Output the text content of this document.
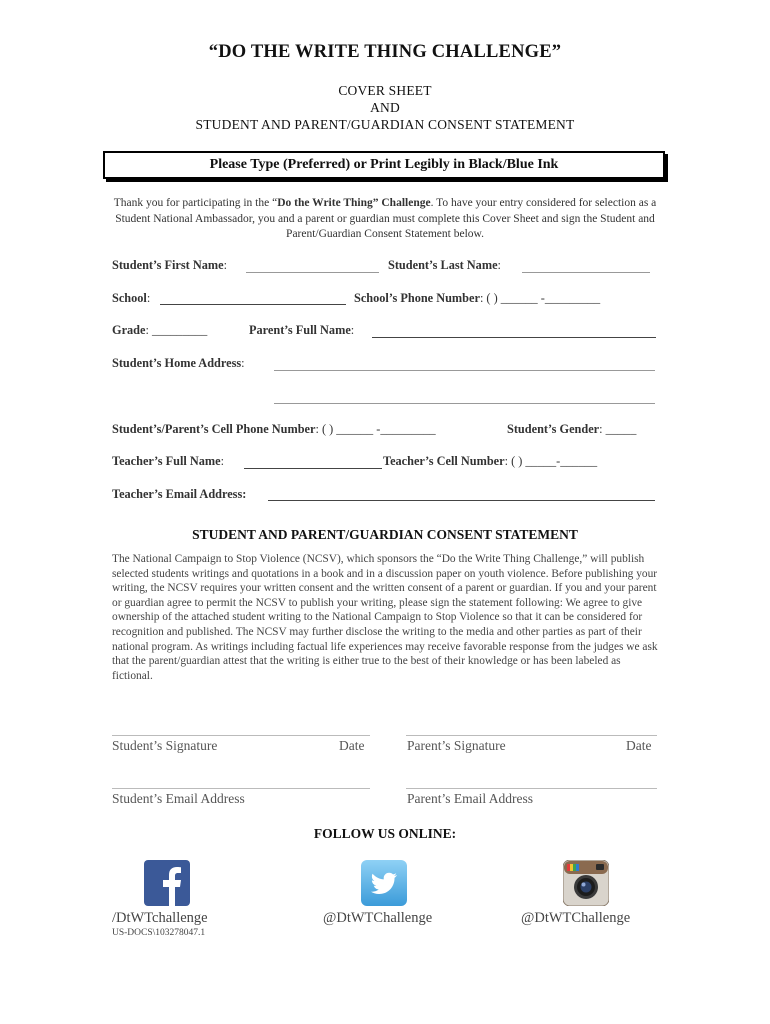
“DO THE WRITE THING CHALLENGE”
COVER SHEET
AND
STUDENT AND PARENT/GUARDIAN CONSENT STATEMENT
Please Type (Preferred) or Print Legibly in Black/Blue Ink
Thank you for participating in the “Do the Write Thing” Challenge. To have your entry considered for selection as a Student National Ambassador, you and a parent or guardian must complete this Cover Sheet and sign the Student and Parent/Guardian Consent Statement below.
Student’s First Name:	Student’s Last Name:
School:	School’s Phone Number: ( ) ______ -_________
Grade: _________	Parent’s Full Name:
Student’s Home Address:
Student’s/Parent’s Cell Phone Number: ( ) ______ -_________	Student’s Gender: _____
Teacher’s Full Name:	Teacher’s Cell Number: ( ) _____-______
Teacher’s Email Address:
STUDENT AND PARENT/GUARDIAN CONSENT STATEMENT
The National Campaign to Stop Violence (NCSV), which sponsors the “Do the Write Thing Challenge,” will publish selected students writings and quotations in a book and in a discussion paper on youth violence. Before publishing your writing, the NCSV requires your written consent and the written consent of a parent or guardian. If you and your parent or guardian agree to permit the NCSV to publish your writing, please sign the statement following: We agree to give ownership of the attached student writing to the National Campaign to Stop Violence so that it can be considered for recognition and published. The NCSV may further disclose the writing to the media and other parties as part of their national program. As writings including factual life experiences may receive favorable response from the judges we ask that the parent/guardian attest that the writing is either true to the best of their knowledge or has been labeled as fictional.
Student’s Signature	Date	Parent’s Signature	Date
Student’s Email Address	Parent’s Email Address
FOLLOW US ONLINE:
/DtWTchallenge	@DtWTChallenge	@DtWTChallenge
US-DOCS\103278047.1
